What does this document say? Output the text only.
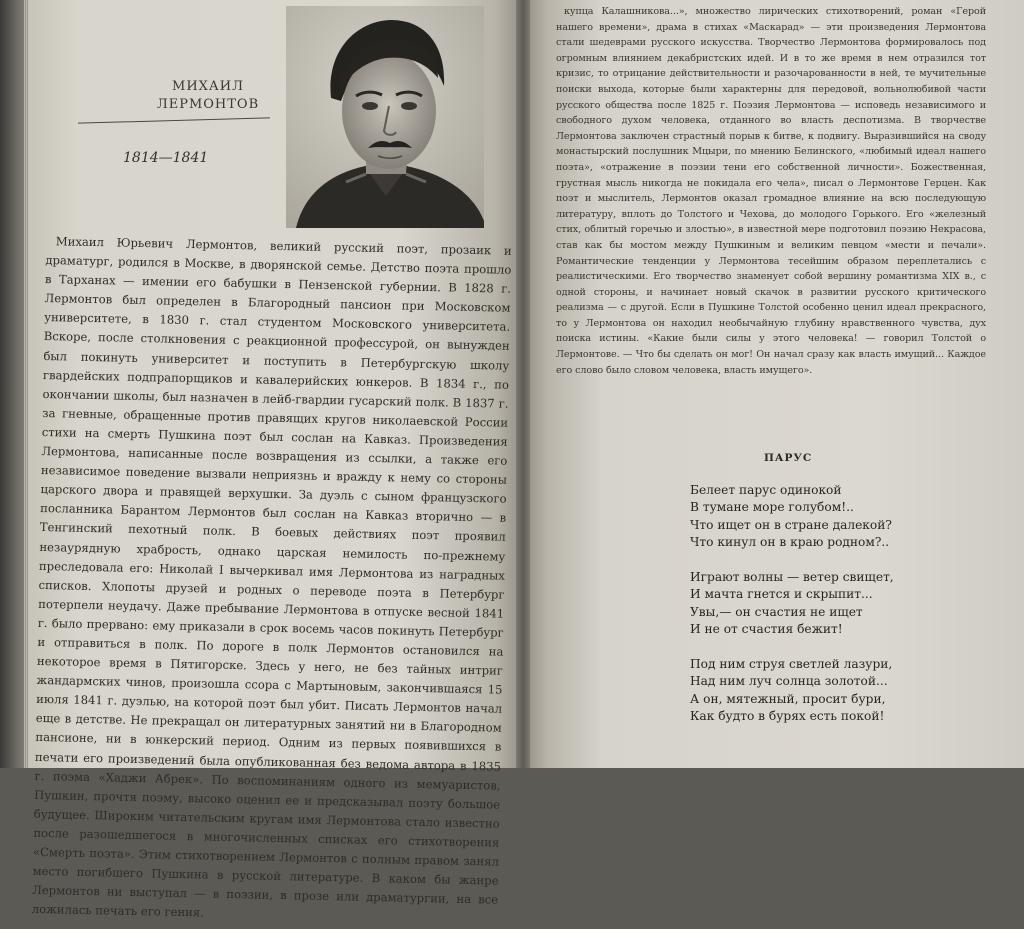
МИХАИЛ
ЛЕРМОНТОВ
1814—1841

Михаил Юрьевич Лермонтов, великий русский поэт, прозаик и драматург, родился в Москве, в дворянской семье. Детство поэта прошло в Тарханах — имении его бабушки в Пензенской губернии. В 1828 г. Лермонтов был определен в Благородный пансион при Московском университете, в 1830 г. стал студентом Московского университета. Вскоре, после столкновения с реакционной профессурой, он вынужден был покинуть университет и поступить в Петербургскую школу гвардейских подпрапорщиков и кавалерийских юнкеров. В 1834 г., по окончании школы, был назначен в лейб-гвардии гусарский полк. В 1837 г. за гневные, обращенные против правящих кругов николаевской России стихи на смерть Пушкина поэт был сослан на Кавказ. Произведения Лермонтова, написанные после возвращения из ссылки, а также его независимое поведение вызвали неприязнь и вражду к нему со стороны царского двора и правящей верхушки. За дуэль с сыном французского посланника Барантом Лермонтов был сослан на Кавказ вторично — в Тенгинский пехотный полк. В боевых действиях поэт проявил незаурядную храбрость, однако царская немилость по-прежнему преследовала его: Николай I вычеркивал имя Лермонтова из наградных списков. Хлопоты друзей и родных о переводе поэта в Петербург потерпели неудачу. Даже пребывание Лермонтова в отпуске весной 1841 г. было прервано: ему приказали в срок восемь часов покинуть Петербург и отправиться в полк. По дороге в полк Лермонтов остановился на некоторое время в Пятигорске. Здесь у него, не без тайных интриг жандармских чинов, произошла ссора с Мартыновым, закончившаяся 15 июля 1841 г. дуэлью, на которой поэт был убит. Писать Лермонтов начал еще в детстве. Не прекращал он литературных занятий ни в Благородном пансионе, ни в юнкерский период. Одним из первых появившихся в печати его произведений была опубликованная без ведома автора в 1835 г. поэма «Хаджи Абрек». По воспоминаниям одного из мемуаристов, Пушкин, прочтя поэму, высоко оценил ее и предсказывал поэту большое будущее. Широким читательским кругам имя Лермонтова стало известно после разошедшегося в многочисленных списках его стихотворения «Смерть поэта». Этим стихотворением Лермонтов с полным правом занял место погибшего Пушкина в русской литературе. В каком бы жанре Лермонтов ни выступал — в поэзии, в прозе или драматургии, на все ложилась печать его гения.

купца Калашникова...», множество лирических стихотворений, роман «Герой нашего времени», драма в стихах «Маскарад» — эти произведения Лермонтова стали шедеврами русского искусства. Творчество Лермонтова формировалось под огромным влиянием декабристских идей. И в то же время в нем отразился тот кризис, то отрицание действительности и разочарованности в ней, те мучительные поиски выхода, которые были характерны для передовой, вольнолюбивой части русского общества после 1825 г. Поэзия Лермонтова — исповедь независимого и свободного духом человека, отданного во власть деспотизма. В творчестве Лермонтова заключен страстный порыв к битве, к подвигу. Выразившийся на своду монастырский послушник Мцыри, по мнению Белинского, «любимый идеал нашего поэта», «отражение в поэзии тени его собственной личности». Божественная, грустная мысль никогда не покидала его чела», писал о Лермонтове Герцен. Как поэт и мыслитель, Лермонтов оказал громадное влияние на всю последующую литературу, вплоть до Толстого и Чехова, до молодого Горького. Его «железный стих, облитый горечью и злостью», в известной мере подготовил поэзию Некрасова, став как бы мостом между Пушкиным и великим певцом «мести и печали». Романтические тенденции у Лермонтова тесейшим образом переплетались с реалистическими. Его творчество знаменует собой вершину романтизма XIX в., с одной стороны, и начинает новый скачок в развитии русского критического реализма — с другой. Если в Пушкине Толстой особенно ценил идеал прекрасного, то у Лермонтова он находил необычайную глубину нравственного чувства, дух поиска истины. «Какие были силы у этого человека! — говорил Толстой о Лермонтове. — Что бы сделать он мог! Он начал сразу как власть имущий... Каждое его слово было словом человека, власть имущего».

ПАРУС
Белеет парус одинокой
В тумане море голубом!..
Что ищет он в стране далекой?
Что кинул он в краю родном?..
Играют волны — ветер свищет,
И мачта гнется и скрыпит...
Увы,— он счастия не ищет
И не от счастия бежит!
Под ним струя светлей лазури,
Над ним луч солнца золотой...
А он, мятежный, просит бури,
Как будто в бурях есть покой!
